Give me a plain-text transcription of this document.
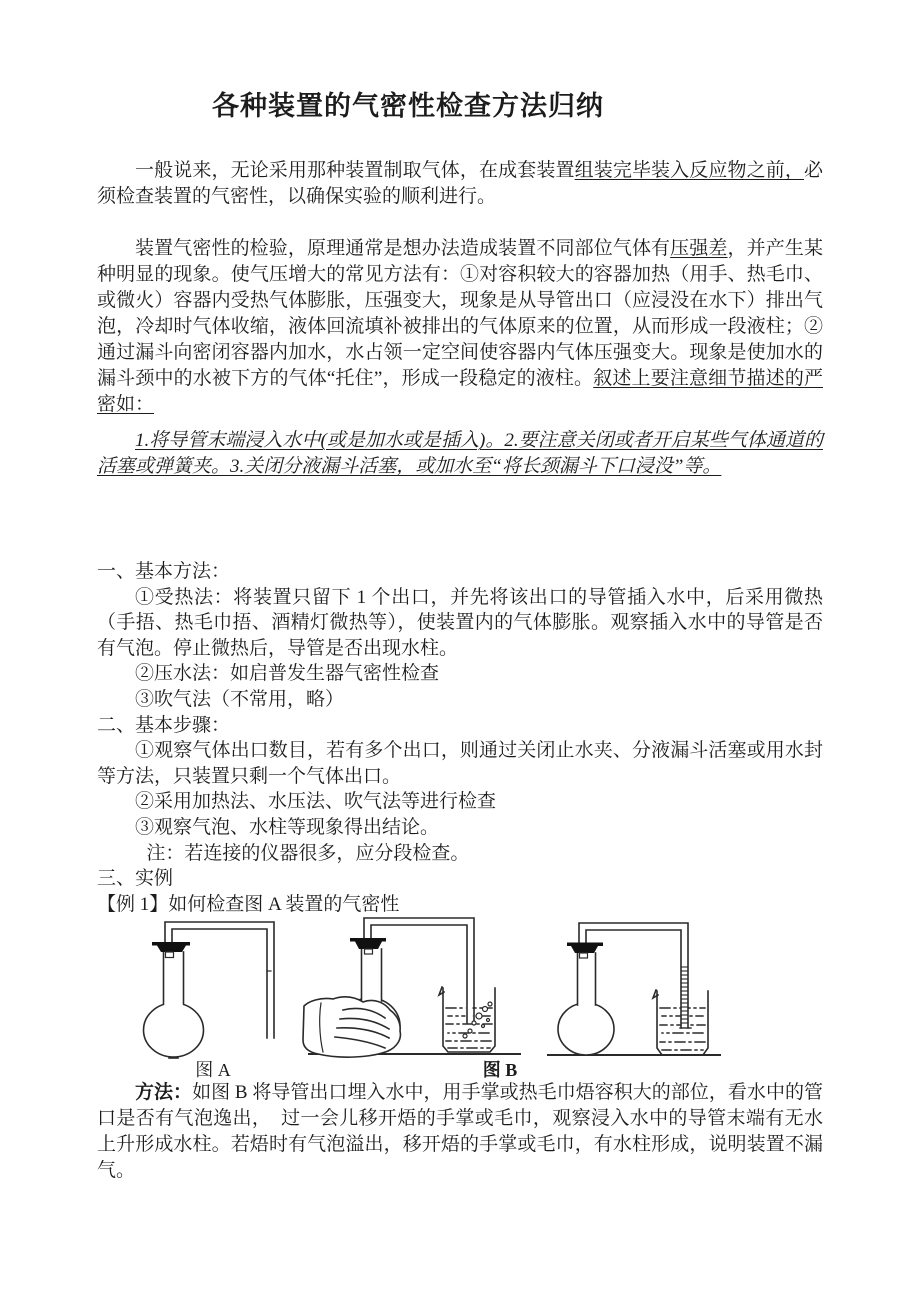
各种装置的气密性检查方法归纳

一般说来，无论采用那种装置制取气体，在成套装置组装完毕装入反应物之前，必须检查装置的气密性，以确保实验的顺利进行。

装置气密性的检验，原理通常是想办法造成装置不同部位气体有压强差，并产生某种明显的现象。使气压增大的常见方法有：①对容积较大的容器加热（用手、热毛巾、或微火）容器内受热气体膨胀，压强变大，现象是从导管出口（应浸没在水下）排出气泡，冷却时气体收缩，液体回流填补被排出的气体原来的位置，从而形成一段液柱；②通过漏斗向密闭容器内加水，水占领一定空间使容器内气体压强变大。现象是使加水的漏斗颈中的水被下方的气体“托住”，形成一段稳定的液柱。叙述上要注意细节描述的严密如：

1.将导管末端浸入水中(或是加水或是插入)。2.要注意关闭或者开启某些气体通道的活塞或弹簧夹。3.关闭分液漏斗活塞，或加水至“将长颈漏斗下口浸没”等。

一、基本方法：

①受热法：将装置只留下 1 个出口，并先将该出口的导管插入水中，后采用微热（手捂、热毛巾捂、酒精灯微热等），使装置内的气体膨胀。观察插入水中的导管是否有气泡。停止微热后，导管是否出现水柱。

②压水法：如启普发生器气密性检查

③吹气法（不常用，略）

二、基本步骤：

①观察气体出口数目，若有多个出口，则通过关闭止水夹、分液漏斗活塞或用水封等方法，只装置只剩一个气体出口。

②采用加热法、水压法、吹气法等进行检查

③观察气泡、水柱等现象得出结论。

注：若连接的仪器很多，应分段检查。

三、实例

【例 1】如何检查图 A 装置的气密性

图 A	图 B

方法：如图 B 将导管出口埋入水中，用手掌或热毛巾焐容积大的部位，看水中的管口是否有气泡逸出，　过一会儿移开焐的手掌或毛巾，观察浸入水中的导管末端有无水上升形成水柱。若焐时有气泡溢出，移开焐的手掌或毛巾，有水柱形成，说明装置不漏气。
